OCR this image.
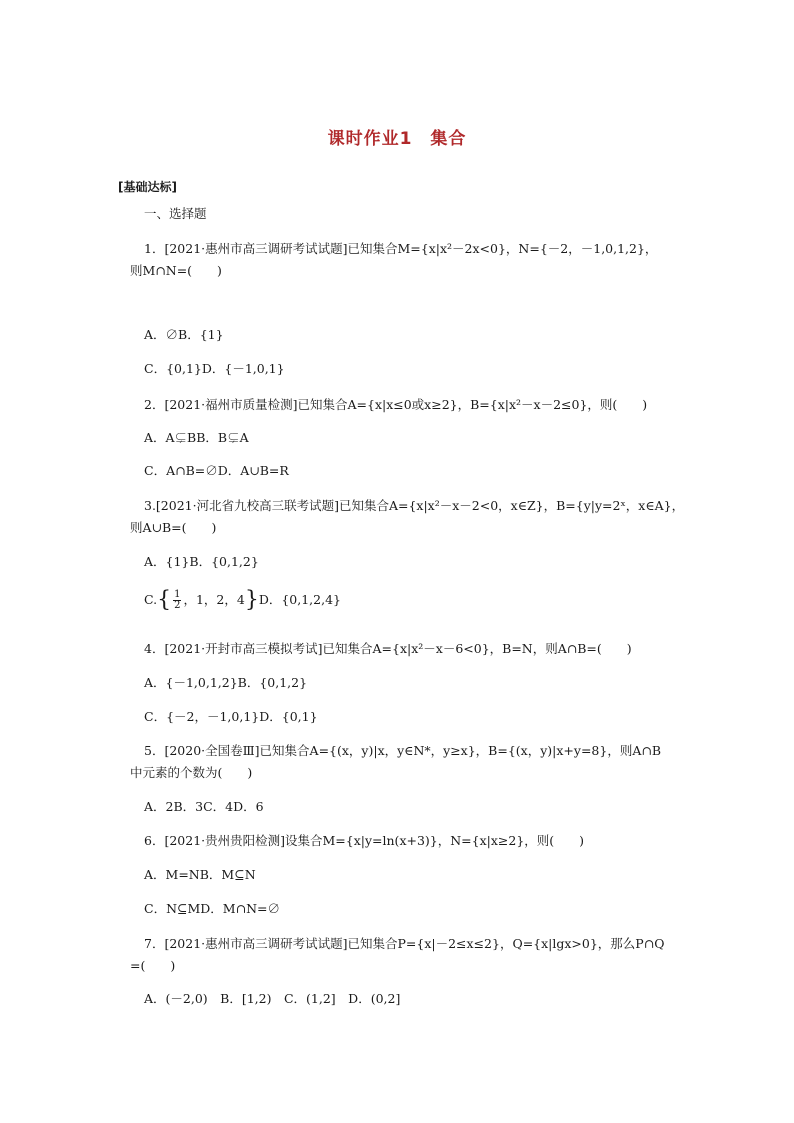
课时作业1　集合
[基础达标]
一、选择题
1．[2021·惠州市高三调研考试试题]已知集合M={x|x²－2x<0}，N={－2，－1,0,1,2}，
则M∩N=(　　)
A．∅B．{1}
C．{0,1}D．{－1,0,1}
2．[2021·福州市质量检测]已知集合A={x|x≤0或x≥2}，B={x|x²－x－2≤0}，则(　　)
A．A⊊BB．B⊊A
C．A∩B=∅D．A∪B=R
3.[2021·河北省九校高三联考试题]已知集合A={x|x²－x－2<0，x∈Z}，B={y|y=2ˣ，x∈A}，
则A∪B=(　　)
A．{1}B．{0,1,2}
$C.\{ \frac{1}{2}$ ，1，2，4}D．{0,1,2,4}
4．[2021·开封市高三模拟考试]已知集合A={x|x²－x－6<0}，B=N，则A∩B=(　　)
A．{－1,0,1,2}B．{0,1,2}
C．{－2，－1,0,1}D．{0,1}
5．[2020·全国卷Ⅲ]已知集合A={(x，y)|x，y∈N*，y≥x}，B={(x，y)|x+y=8}，则A∩B
中元素的个数为(　　)
A．2B．3C．4D．6
6．[2021·贵州贵阳检测]设集合M={x|y=ln(x+3)}，N={x|x≥2}，则(　　)
A．M=NB．M⊆N
C．N⊆MD．M∩N=∅
7．[2021·惠州市高三调研考试试题]已知集合P={x|－2≤x≤2}，Q={x|lgx>0}，那么P∩Q
=(　　)
A．(－2,0)　B．[1,2)　C．(1,2]　D．(0,2]
